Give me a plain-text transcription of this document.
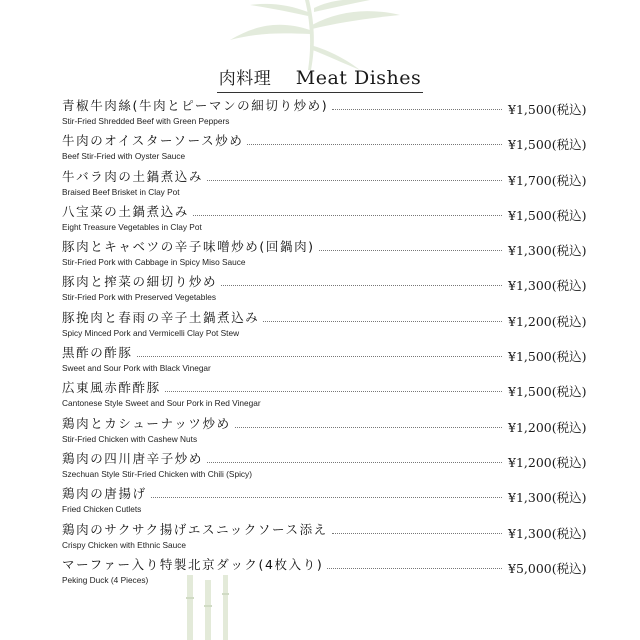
肉料理 Meat Dishes
青椒牛肉絲(牛肉とピーマンの細切り炒め)	¥1,500(税込)
Stir-Fried Shredded Beef with Green Peppers
牛肉のオイスターソース炒め	¥1,500(税込)
Beef Stir-Fried with Oyster Sauce
牛バラ肉の土鍋煮込み	¥1,700(税込)
Braised Beef Brisket in Clay Pot
八宝菜の土鍋煮込み	¥1,500(税込)
Eight Treasure Vegetables in Clay Pot
豚肉とキャベツの辛子味噌炒め(回鍋肉)	¥1,300(税込)
Stir-Fried Pork with Cabbage in Spicy Miso Sauce
豚肉と搾菜の細切り炒め	¥1,300(税込)
Stir-Fried Pork with Preserved Vegetables
豚挽肉と春雨の辛子土鍋煮込み	¥1,200(税込)
Spicy Minced Pork and Vermicelli Clay Pot Stew
黒酢の酢豚	¥1,500(税込)
Sweet and Sour Pork with Black Vinegar
広東風赤酢酢豚	¥1,500(税込)
Cantonese Style Sweet and Sour Pork in Red Vinegar
鶏肉とカシューナッツ炒め	¥1,200(税込)
Stir-Fried Chicken with Cashew Nuts
鶏肉の四川唐辛子炒め	¥1,200(税込)
Szechuan Style Stir-Fried Chicken with Chili (Spicy)
鶏肉の唐揚げ	¥1,300(税込)
Fried Chicken Cutlets
鶏肉のサクサク揚げエスニックソース添え	¥1,300(税込)
Crispy Chicken with Ethnic Sauce
マーファー入り特製北京ダック(4枚入り)	¥5,000(税込)
Peking Duck (4 Pieces)
